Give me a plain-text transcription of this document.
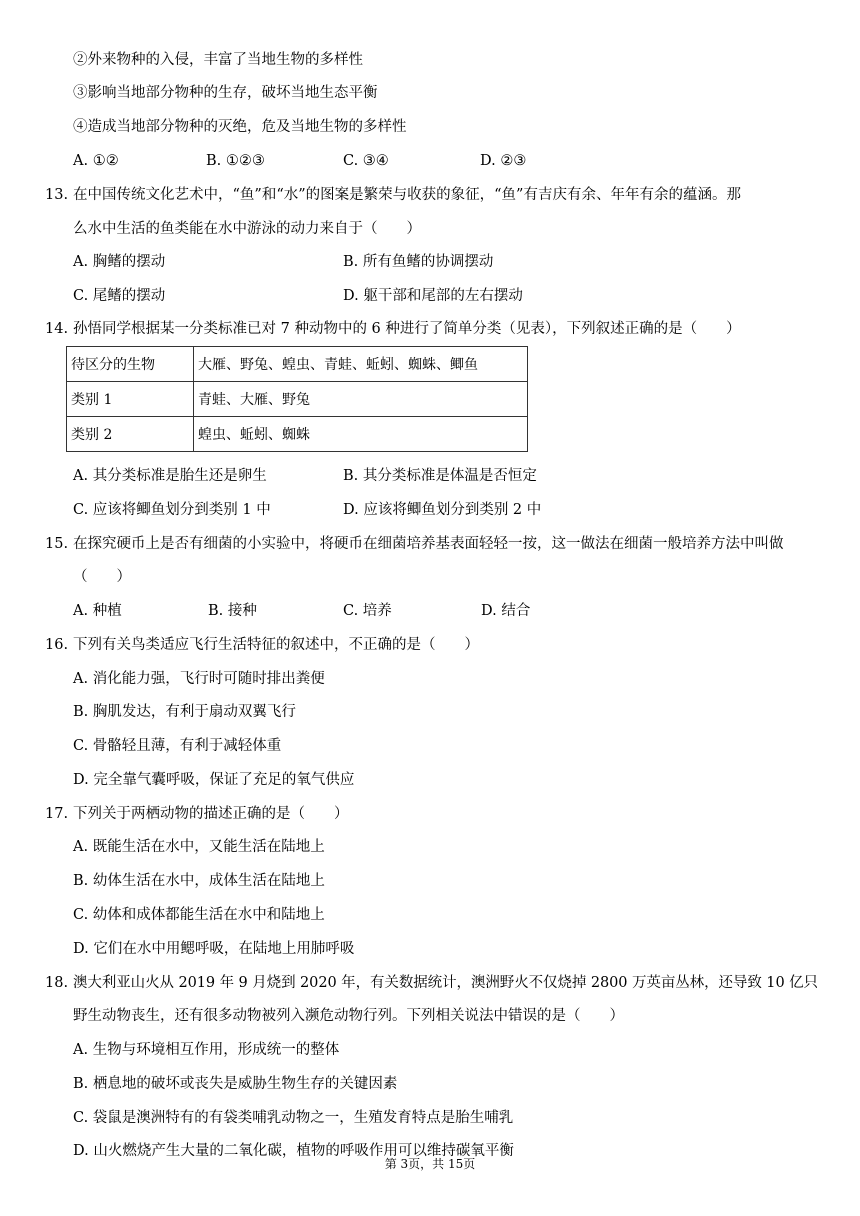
②外来物种的入侵，丰富了当地生物的多样性
③影响当地部分物种的生存，破坏当地生态平衡
④造成当地部分物种的灭绝，危及当地生物的多样性
A. ①②	B. ①②③	C. ③④	D. ②③
13. 在中国传统文化艺术中，“鱼”和“水”的图案是繁荣与收获的象征，“鱼”有吉庆有余、年年有余的蕴涵。那
么水中生活的鱼类能在水中游泳的动力来自于（　　）
A. 胸鳍的摆动	B. 所有鱼鳍的协调摆动
C. 尾鳍的摆动	D. 躯干部和尾部的左右摆动
14. 孙悟同学根据某一分类标准已对 7 种动物中的 6 种进行了简单分类（见表），下列叙述正确的是（　　）
待区分的生物	大雁、野兔、蝗虫、青蛙、蚯蚓、蜘蛛、鲫鱼
类别 1	青蛙、大雁、野兔
类别 2	蝗虫、蚯蚓、蜘蛛
A. 其分类标准是胎生还是卵生	B. 其分类标准是体温是否恒定
C. 应该将鲫鱼划分到类别 1 中	D. 应该将鲫鱼划分到类别 2 中
15. 在探究硬币上是否有细菌的小实验中，将硬币在细菌培养基表面轻轻一按，这一做法在细菌一般培养方法中叫做
（　　）
A. 种植	B. 接种	C. 培养	D. 结合
16. 下列有关鸟类适应飞行生活特征的叙述中，不正确的是（　　）
A. 消化能力强，飞行时可随时排出粪便
B. 胸肌发达，有利于扇动双翼飞行
C. 骨骼轻且薄，有利于减轻体重
D. 完全靠气囊呼吸，保证了充足的氧气供应
17. 下列关于两栖动物的描述正确的是（　　）
A. 既能生活在水中，又能生活在陆地上
B. 幼体生活在水中，成体生活在陆地上
C. 幼体和成体都能生活在水中和陆地上
D. 它们在水中用鳃呼吸，在陆地上用肺呼吸
18. 澳大利亚山火从 2019 年 9 月烧到 2020 年，有关数据统计，澳洲野火不仅烧掉 2800 万英亩丛林，还导致 10 亿只
野生动物丧生，还有很多动物被列入濒危动物行列。下列相关说法中错误的是（　　）
A. 生物与环境相互作用，形成统一的整体
B. 栖息地的破坏或丧失是威胁生物生存的关键因素
C. 袋鼠是澳洲特有的有袋类哺乳动物之一，生殖发育特点是胎生哺乳
D. 山火燃烧产生大量的二氧化碳，植物的呼吸作用可以维持碳氧平衡
第 3页，共 15页
